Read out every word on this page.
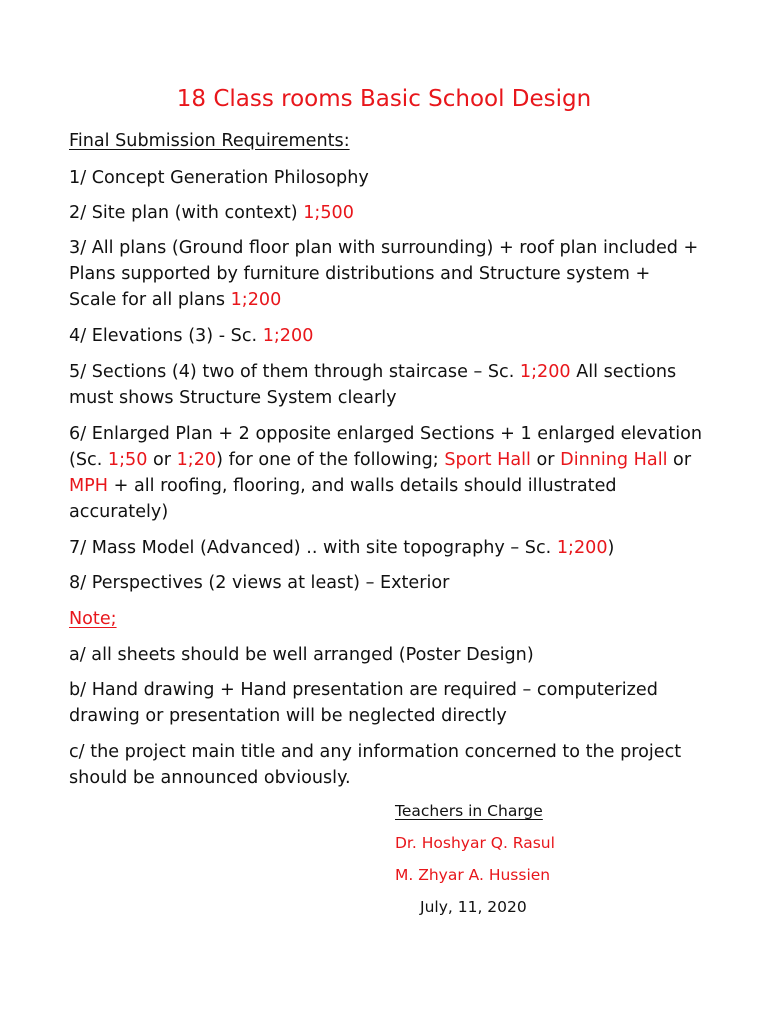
18 Class rooms Basic School Design
Final Submission Requirements:
1/ Concept Generation Philosophy
2/ Site plan (with context) 1;500
3/ All plans (Ground floor plan with surrounding) + roof plan included +
Plans supported by furniture distributions and Structure system +
Scale for all plans 1;200
4/ Elevations (3) - Sc. 1;200
5/ Sections (4) two of them through staircase – Sc. 1;200 All sections
must shows Structure System clearly
6/ Enlarged Plan + 2 opposite enlarged Sections + 1 enlarged elevation
(Sc. 1;50 or 1;20) for one of the following; Sport Hall or Dinning Hall or
MPH + all roofing, flooring, and walls details should illustrated
accurately)
7/ Mass Model (Advanced) .. with site topography – Sc. 1;200)
8/ Perspectives (2 views at least) – Exterior
Note;
a/ all sheets should be well arranged (Poster Design)
b/ Hand drawing + Hand presentation are required – computerized
drawing or presentation will be neglected directly
c/ the project main title and any information concerned to the project
should be announced obviously.
Teachers in Charge
Dr. Hoshyar Q. Rasul
M. Zhyar A. Hussien
July, 11, 2020
